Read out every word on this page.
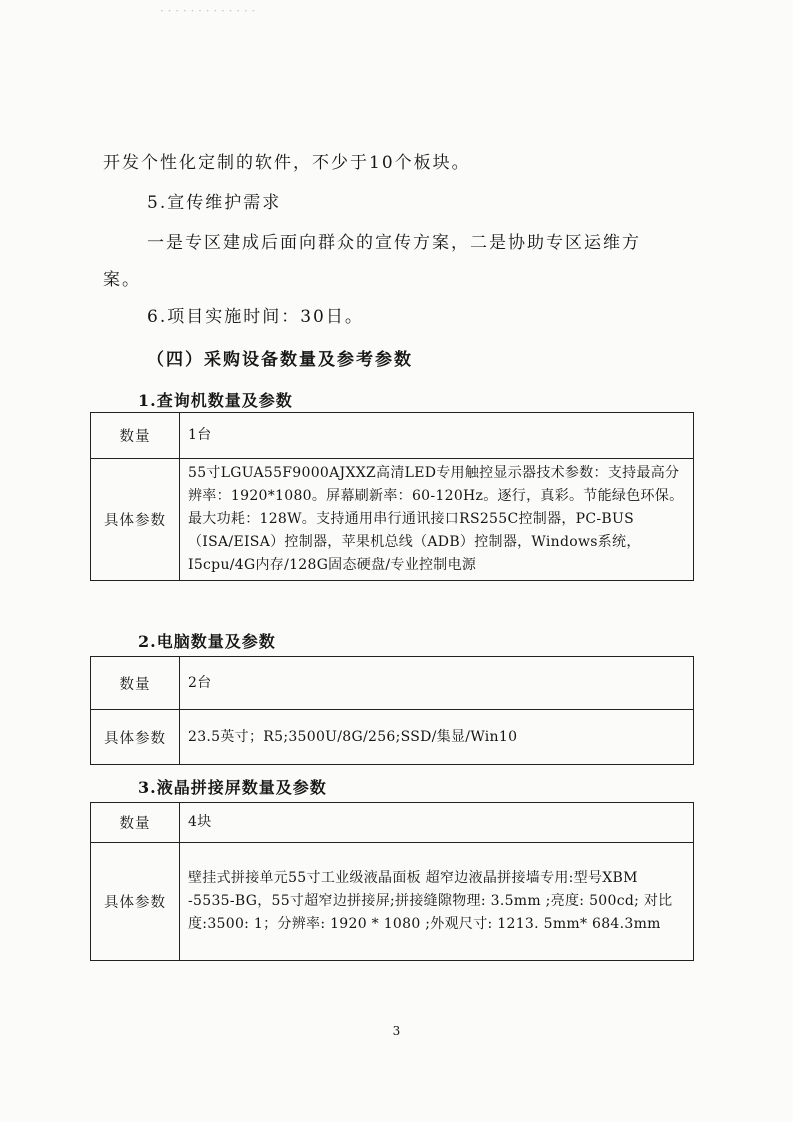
· · · · · · · · · · · · ·
开发个性化定制的软件，不少于10个板块。
5.宣传维护需求
一是专区建成后面向群众的宣传方案，二是协助专区运维方
案。
6.项目实施时间：30日。
（四）采购设备数量及参考参数
1.查询机数量及参数
数量	1台
具体参数	55寸LGUA55F9000AJXXZ高清LED专用触控显示器技术参数：支持最高分辨率：1920*1080。屏幕刷新率：60-120Hz。逐行，真彩。节能绿色环保。最大功耗：128W。支持通用串行通讯接口RS255C控制器，PC-BUS（ISA/EISA）控制器，苹果机总线（ADB）控制器，Windows系统，I5cpu/4G内存/128G固态硬盘/专业控制电源
2.电脑数量及参数
数量	2台
具体参数	23.5英寸；R5;3500U/8G/256;SSD/集显/Win10
3.液晶拼接屏数量及参数
数量	4块
具体参数	壁挂式拼接单元55寸工业级液晶面板 超窄边液晶拼接墙专用:型号XBM -5535-BG，55寸超窄边拼接屏;拼接缝隙物理: 3.5mm ;亮度: 500cd; 对比度:3500: 1；分辨率: 1920 * 1080 ;外观尺寸: 1213. 5mm* 684.3mm
3
